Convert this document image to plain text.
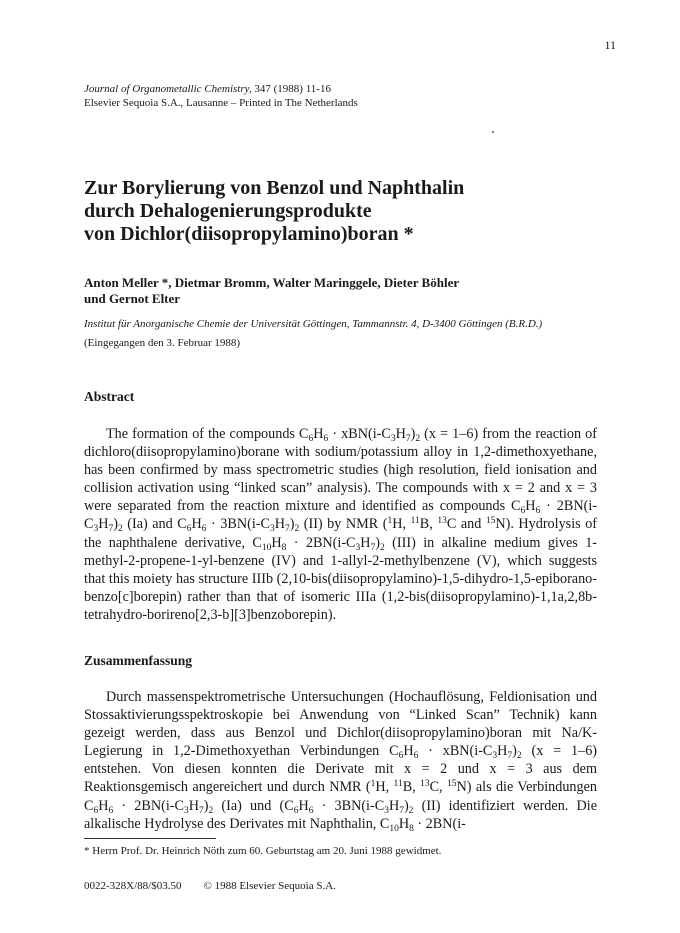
11
Journal of Organometallic Chemistry, 347 (1988) 11-16
Elsevier Sequoia S.A., Lausanne – Printed in The Netherlands
Zur Borylierung von Benzol und Naphthalin
durch Dehalogenierungsprodukte
von Dichlor(diisopropylamino)boran *
Anton Meller *, Dietmar Bromm, Walter Maringgele, Dieter Böhler
und Gernot Elter
Institut für Anorganische Chemie der Universität Göttingen, Tammannstr. 4, D-3400 Göttingen (B.R.D.)
(Eingegangen den 3. Februar 1988)
Abstract

The formation of the compounds $C_6H_6 \cdot xBN(i-C_3H_7)_2$ (x = 1–6) from the reaction of dichloro(diisopropylamino)borane with sodium/potassium alloy in 1,2-dimethoxyethane, has been confirmed by mass spectrometric studies (high resolution, field ionisation and collision activation using “linked scan” analysis). The compounds with x = 2 and x = 3 were separated from the reaction mixture and identified as compounds $C_6H_6 \cdot 2BN(i-C_3H_7)_2$ (Ia) and $C_6H_6 \cdot 3BN(i-C_3H_7)_2$ (II) by NMR ($^1$H, $^{11}$B, $^{13}$C and $^{15}$N). Hydrolysis of the naphthalene derivative, $C_{10}H_8 \cdot 2BN(i-C_3H_7)_2$ (III) in alkaline medium gives 1-methyl-2-propene-1-yl-benzene (IV) and 1-allyl-2-methylbenzene (V), which suggests that this moiety has structure IIIb (2,10-bis(diisopropylamino)-1,5-dihydro-1,5-epiborano-benzo[c]borepin) rather than that of isomeric IIIa (1,2-bis(diisopropylamino)-1,1a,2,8b-tetrahydro-borireno[2,3-b][3]benzoborepin).

Zusammenfassung

Durch massenspektrometrische Untersuchungen (Hochauflösung, Feldionisation und Stossaktivierungsspektroskopie bei Anwendung von “Linked Scan” Technik) kann gezeigt werden, dass aus Benzol und Dichlor(diisopropylamino)boran mit Na/K-Legierung in 1,2-Dimethoxyethan Verbindungen $C_6H_6 \cdot xBN(i-C_3H_7)_2$ (x = 1–6) entstehen. Von diesen konnten die Derivate mit x = 2 und x = 3 aus dem Reaktionsgemisch angereichert und durch NMR ($^1$H, $^{11}$B, $^{13}$C, $^{15}$N) als die Verbindungen $C_6H_6 \cdot 2BN(i-C_3H_7)_2$ (Ia) und ($C_6H_6 \cdot 3BN(i-C_3H_7)_2$ (II) identifiziert werden. Die alkalische Hydrolyse des Derivates mit Naphthalin, $C_{10}H_8 \cdot 2BN(i-$

* Herrn Prof. Dr. Heinrich Nöth zum 60. Geburtstag am 20. Juni 1988 gewidmet.
0022-328X/88/$03.50 © 1988 Elsevier Sequoia S.A.
